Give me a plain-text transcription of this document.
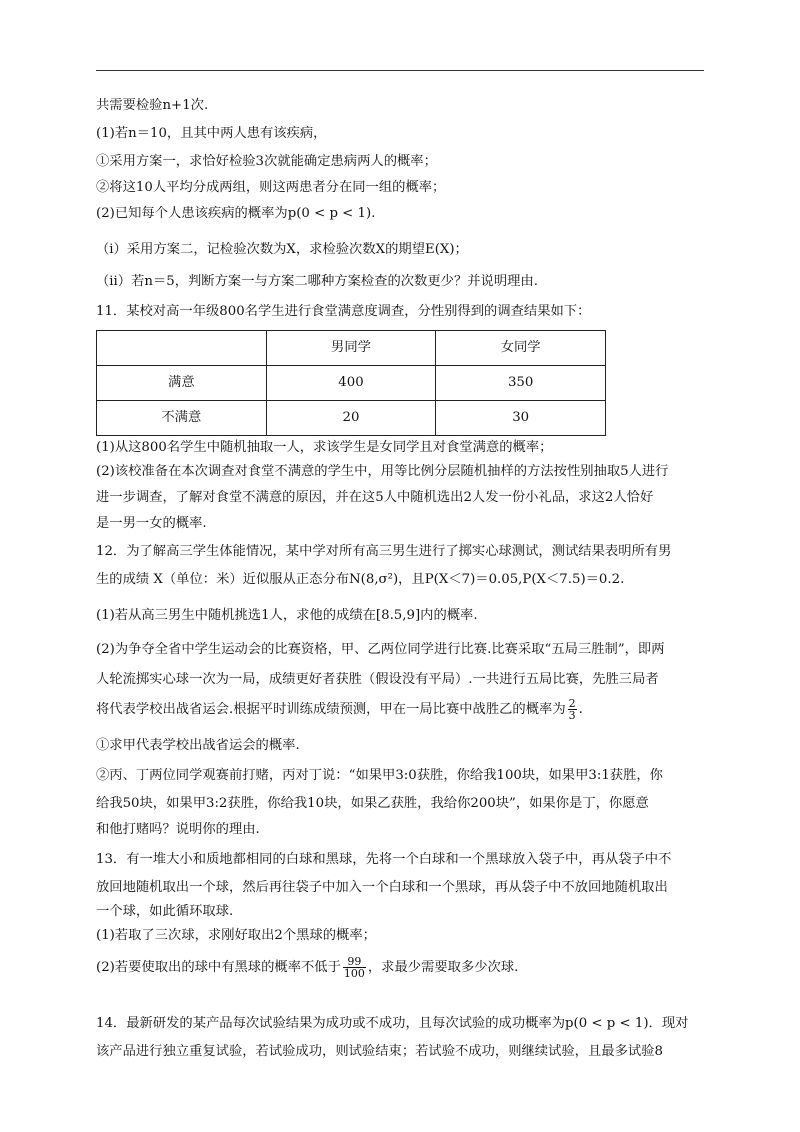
共需要检验n+1次.
(1)若n＝10，且其中两人患有该疾病，
①采用方案一，求恰好检验3次就能确定患病两人的概率；
②将这10人平均分成两组，则这两患者分在同一组的概率；
(2)已知每个人患该疾病的概率为p(0 < p < 1).
（i）采用方案二，记检验次数为X，求检验次数X的期望E(X)；
（ii）若n＝5，判断方案一与方案二哪种方案检查的次数更少？并说明理由.
11．某校对高一年级800名学生进行食堂满意度调查，分性别得到的调查结果如下：
	男同学	女同学
满意	400	350
不满意	20	30
(1)从这800名学生中随机抽取一人，求该学生是女同学且对食堂满意的概率；
(2)该校准备在本次调查对食堂不满意的学生中，用等比例分层随机抽样的方法按性别抽取5人进行
进一步调查，了解对食堂不满意的原因，并在这5人中随机选出2人发一份小礼品，求这2人恰好
是一男一女的概率.
12．为了解高三学生体能情况，某中学对所有高三男生进行了掷实心球测试，测试结果表明所有男
生的成绩 X（单位：米）近似服从正态分布N(8,σ²)，且P(X＜7)＝0.05,P(X＜7.5)＝0.2.
(1)若从高三男生中随机挑选1人，求他的成绩在[8.5,9]内的概率.
(2)为争夺全省中学生运动会的比赛资格，甲、乙两位同学进行比赛.比赛采取“五局三胜制”，即两
人轮流掷实心球一次为一局，成绩更好者获胜（假设没有平局）.一共进行五局比赛，先胜三局者
将代表学校出战省运会.根据平时训练成绩预测，甲在一局比赛中战胜乙的概率为 $\frac{2}{3}$ .
①求甲代表学校出战省运会的概率.
②丙、丁两位同学观赛前打赌，丙对丁说：“如果甲3:0获胜，你给我100块，如果甲3:1获胜，你
给我50块，如果甲3:2获胜，你给我10块，如果乙获胜，我给你200块”，如果你是丁，你愿意
和他打赌吗？说明你的理由.
13．有一堆大小和质地都相同的白球和黑球，先将一个白球和一个黑球放入袋子中，再从袋子中不
放回地随机取出一个球，然后再往袋子中加入一个白球和一个黑球，再从袋子中不放回地随机取出
一个球，如此循环取球.
(1)若取了三次球，求刚好取出2个黑球的概率；
(2)若要使取出的球中有黑球的概率不低于 $\frac{99}{100}$ ，求最少需要取多少次球.
14．最新研发的某产品每次试验结果为成功或不成功，且每次试验的成功概率为p(0 < p < 1)．现对
该产品进行独立重复试验，若试验成功，则试验结束；若试验不成功，则继续试验，且最多试验8
